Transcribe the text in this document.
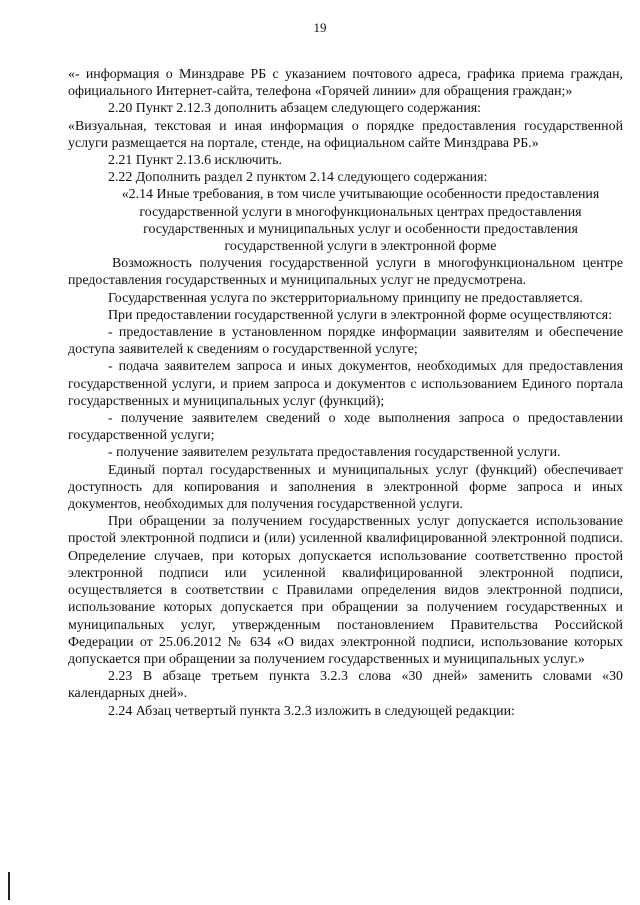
19

«- информация о Минздраве РБ с указанием почтового адреса, графика приема граждан, официального Интернет-сайта, телефона «Горячей линии» для обращения граждан;»

2.20 Пункт 2.12.3 дополнить абзацем следующего содержания:

«Визуальная, текстовая и иная информация о порядке предоставления государственной услуги размещается на портале, стенде, на официальном сайте Минздрава РБ.»

2.21 Пункт 2.13.6 исключить.

2.22 Дополнить раздел 2 пунктом 2.14 следующего содержания:

«2.14 Иные требования, в том числе учитывающие особенности предоставления государственной услуги в многофункциональных центрах предоставления государственных и муниципальных услуг и особенности предоставления государственной услуги в электронной форме

Возможность получения государственной услуги в многофункциональном центре предоставления государственных и муниципальных услуг не предусмотрена.

Государственная услуга по экстерриториальному принципу не предоставляется.

При предоставлении государственной услуги в электронной форме осуществляются:

- предоставление в установленном порядке информации заявителям и обеспечение доступа заявителей к сведениям о государственной услуге;

- подача заявителем запроса и иных документов, необходимых для предоставления государственной услуги, и прием запроса и документов с использованием Единого портала государственных и муниципальных услуг (функций);

- получение заявителем сведений о ходе выполнения запроса о предоставлении государственной услуги;

- получение заявителем результата предоставления государственной услуги.

Единый портал государственных и муниципальных услуг (функций) обеспечивает доступность для копирования и заполнения в электронной форме запроса и иных документов, необходимых для получения государственной услуги.

При обращении за получением государственных услуг допускается использование простой электронной подписи и (или) усиленной квалифицированной электронной подписи. Определение случаев, при которых допускается использование соответственно простой электронной подписи или усиленной квалифицированной электронной подписи, осуществляется в соответствии с Правилами определения видов электронной подписи, использование которых допускается при обращении за получением государственных и муниципальных услуг, утвержденным постановлением Правительства Российской Федерации от 25.06.2012 № 634 «О видах электронной подписи, использование которых допускается при обращении за получением государственных и муниципальных услуг.»

2.23 В абзаце третьем пункта 3.2.3 слова «30 дней» заменить словами «30 календарных дней».

2.24 Абзац четвертый пункта 3.2.3 изложить в следующей редакции:
